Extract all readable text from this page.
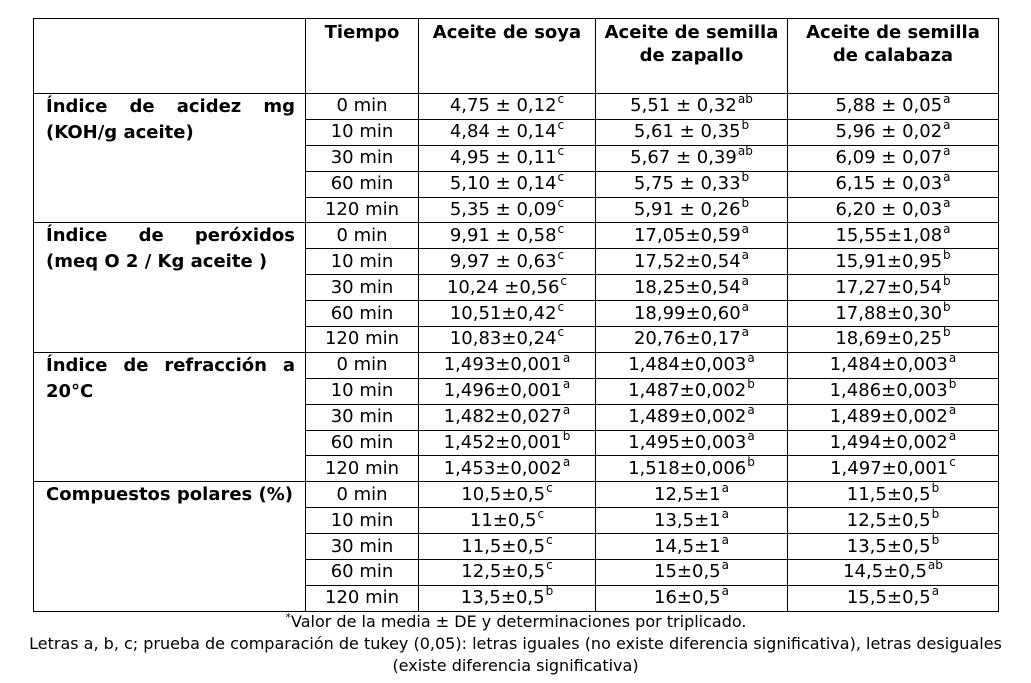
	Tiempo	Aceite de soya	Aceite de semilla de zapallo	Aceite de semilla de calabaza
Índice de acidez mg (KOH/g aceite)	0 min	4,75 ± 0,12$^c$	5,51 ± 0,32$^{ab}$	5,88 ± 0,05$^a$
	10 min	4,84 ± 0,14$^c$	5,61 ± 0,35$^b$	5,96 ± 0,02$^a$
	30 min	4,95 ± 0,11$^c$	5,67 ± 0,39$^{ab}$	6,09 ± 0,07$^a$
	60 min	5,10 ± 0,14$^c$	5,75 ± 0,33$^b$	6,15 ± 0,03$^a$
	120 min	5,35 ± 0,09$^c$	5,91 ± 0,26$^b$	6,20 ± 0,03$^a$
Índice de peróxidos (meq O 2 / Kg aceite )	0 min	9,91 ± 0,58$^c$	17,05±0,59$^a$	15,55±1,08$^a$
	10 min	9,97 ± 0,63$^c$	17,52±0,54$^a$	15,91±0,95$^b$
	30 min	10,24 ±0,56$^c$	18,25±0,54$^a$	17,27±0,54$^b$
	60 min	10,51±0,42$^c$	18,99±0,60$^a$	17,88±0,30$^b$
	120 min	10,83±0,24$^c$	20,76±0,17$^a$	18,69±0,25$^b$
Índice de refracción a 20°C	0 min	1,493±0,001$^a$	1,484±0,003$^a$	1,484±0,003$^a$
	10 min	1,496±0,001$^a$	1,487±0,002$^b$	1,486±0,003$^b$
	30 min	1,482±0,027$^a$	1,489±0,002$^a$	1,489±0,002$^a$
	60 min	1,452±0,001$^b$	1,495±0,003$^a$	1,494±0,002$^a$
	120 min	1,453±0,002$^a$	1,518±0,006$^b$	1,497±0,001$^c$
Compuestos polares (%)	0 min	10,5±0,5$^c$	$12,5\pm 1^a$	11,5±0,5$^b$
	10 min	11±0,5$^c$	$13,5\pm 1^a$	12,5±0,5$^b$
	30 min	11,5±0,5$^c$	$14,5\pm 1^a$	13,5±0,5$^b$
	60 min	12,5±0,5$^c$	15±0,5$^a$	14,5±0,5$^{ab}$
	120 min	13,5±0,5$^b$	16±0,5$^a$	15,5±0,5$^a$

*Valor de la media ± DE y determinaciones por triplicado.

Letras a, b, c; prueba de comparación de tukey (0,05): letras iguales (no existe diferencia significativa), letras desiguales (existe diferencia significativa)
